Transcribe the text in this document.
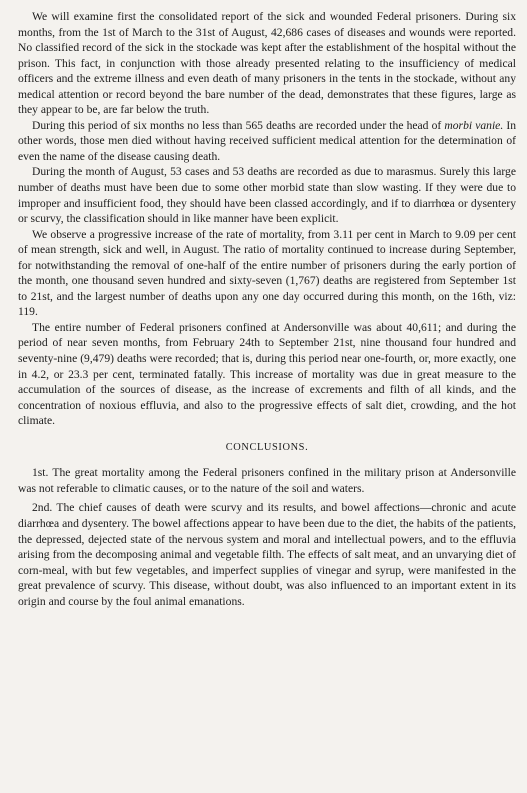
We will examine first the consolidated report of the sick and wounded Federal prisoners. During six months, from the 1st of March to the 31st of August, 42,686 cases of diseases and wounds were reported. No classified record of the sick in the stockade was kept after the establishment of the hospital without the prison. This fact, in conjunction with those already presented relating to the insufficiency of medical officers and the extreme illness and even death of many prisoners in the tents in the stockade, without any medical attention or record beyond the bare number of the dead, demonstrates that these figures, large as they appear to be, are far below the truth.

During this period of six months no less than 565 deaths are recorded under the head of morbi vanie. In other words, those men died without having received sufficient medical attention for the determination of even the name of the disease causing death.

During the month of August, 53 cases and 53 deaths are recorded as due to marasmus. Surely this large number of deaths must have been due to some other morbid state than slow wasting. If they were due to improper and insufficient food, they should have been classed accordingly, and if to diarrhœa or dysentery or scurvy, the classification should in like manner have been explicit.

We observe a progressive increase of the rate of mortality, from 3.11 per cent in March to 9.09 per cent of mean strength, sick and well, in August. The ratio of mortality continued to increase during September, for notwithstanding the removal of one-half of the entire number of prisoners during the early portion of the month, one thousand seven hundred and sixty-seven (1,767) deaths are registered from September 1st to 21st, and the largest number of deaths upon any one day occurred during this month, on the 16th, viz: 119.

The entire number of Federal prisoners confined at Andersonville was about 40,611; and during the period of near seven months, from February 24th to September 21st, nine thousand four hundred and seventy-nine (9,479) deaths were recorded; that is, during this period near one-fourth, or, more exactly, one in 4.2, or 23.3 per cent, terminated fatally. This increase of mortality was due in great measure to the accumulation of the sources of disease, as the increase of excrements and filth of all kinds, and the concentration of noxious effluvia, and also to the progressive effects of salt diet, crowding, and the hot climate.

CONCLUSIONS.

1st. The great mortality among the Federal prisoners confined in the military prison at Andersonville was not referable to climatic causes, or to the nature of the soil and waters.

2nd. The chief causes of death were scurvy and its results, and bowel affections—chronic and acute diarrhœa and dysentery. The bowel affections appear to have been due to the diet, the habits of the patients, the depressed, dejected state of the nervous system and moral and intellectual powers, and to the effluvia arising from the decomposing animal and vegetable filth. The effects of salt meat, and an unvarying diet of corn-meal, with but few vegetables, and imperfect supplies of vinegar and syrup, were manifested in the great prevalence of scurvy. This disease, without doubt, was also influenced to an important extent in its origin and course by the foul animal emanations.
